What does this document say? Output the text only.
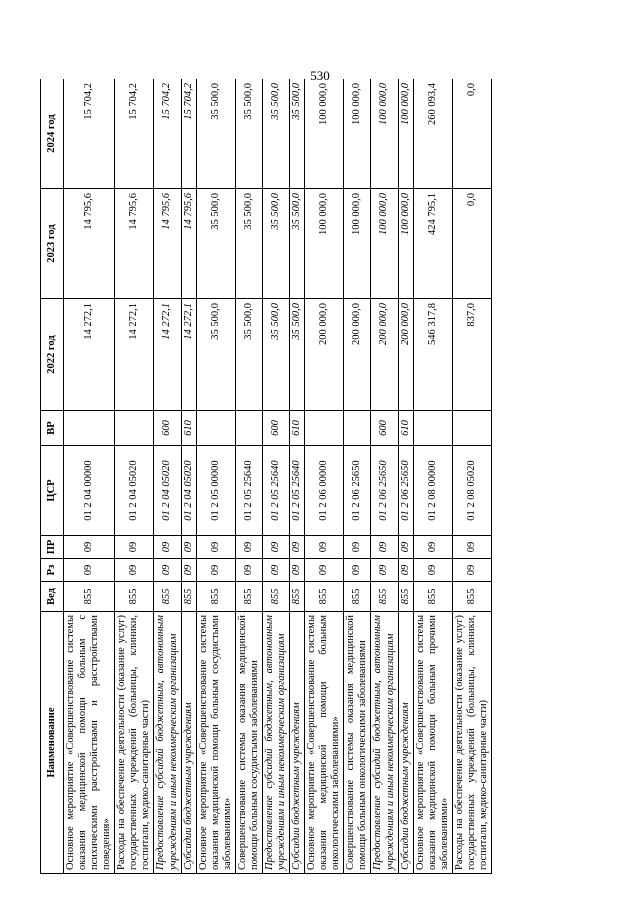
530
Наименование	Вед	Рз	ПР	ЦСР	ВР	2022 год	2023 год	2024 год
Основное мероприятие «Совершенствование системы оказания медицинской помощи больным с психическими расстройствами и расстройствами поведения»	855	09	09	01 2 04 00000		14 272,1	14 795,6	15 704,2
Расходы на обеспечение деятельности (оказание услуг) государственных учреждений (больницы, клиники, госпитали, медико-санитарные части)	855	09	09	01 2 04 05020		14 272,1	14 795,6	15 704,2
Предоставление субсидий бюджетным, автономным учреждениям и иным некоммерческим организациям	855	09	09	01 2 04 05020	600	14 272,1	14 795,6	15 704,2
Субсидии бюджетным учреждениям	855	09	09	01 2 04 05020	610	14 272,1	14 795,6	15 704,2
Основное мероприятие «Совершенствование системы оказания медицинской помощи больным сосудистыми заболеваниями»	855	09	09	01 2 05 00000		35 500,0	35 500,0	35 500,0
Совершенствование системы оказания медицинской помощи больным сосудистыми заболеваниями	855	09	09	01 2 05 25640		35 500,0	35 500,0	35 500,0
Предоставление субсидий бюджетным, автономным учреждениям и иным некоммерческим организациям	855	09	09	01 2 05 25640	600	35 500,0	35 500,0	35 500,0
Субсидии бюджетным учреждениям	855	09	09	01 2 05 25640	610	35 500,0	35 500,0	35 500,0
Основное мероприятие «Совершенствование системы оказания медицинской помощи больным онкологическими заболеваниями»	855	09	09	01 2 06 00000		200 000,0	100 000,0	100 000,0
Совершенствование системы оказания медицинской помощи больным онкологическими заболеваниями	855	09	09	01 2 06 25650		200 000,0	100 000,0	100 000,0
Предоставление субсидий бюджетным, автономным учреждениям и иным некоммерческим организациям	855	09	09	01 2 06 25650	600	200 000,0	100 000,0	100 000,0
Субсидии бюджетным учреждениям	855	09	09	01 2 06 25650	610	200 000,0	100 000,0	100 000,0
Основное мероприятие «Совершенствование системы оказания медицинской помощи больным прочими заболеваниями»	855	09	09	01 2 08 00000		546 317,8	424 795,1	260 093,4
Расходы на обеспечение деятельности (оказание услуг) государственных учреждений (больницы, клиники, госпитали, медико-санитарные части)	855	09	09	01 2 08 05020		837,0	0,0	0,0
